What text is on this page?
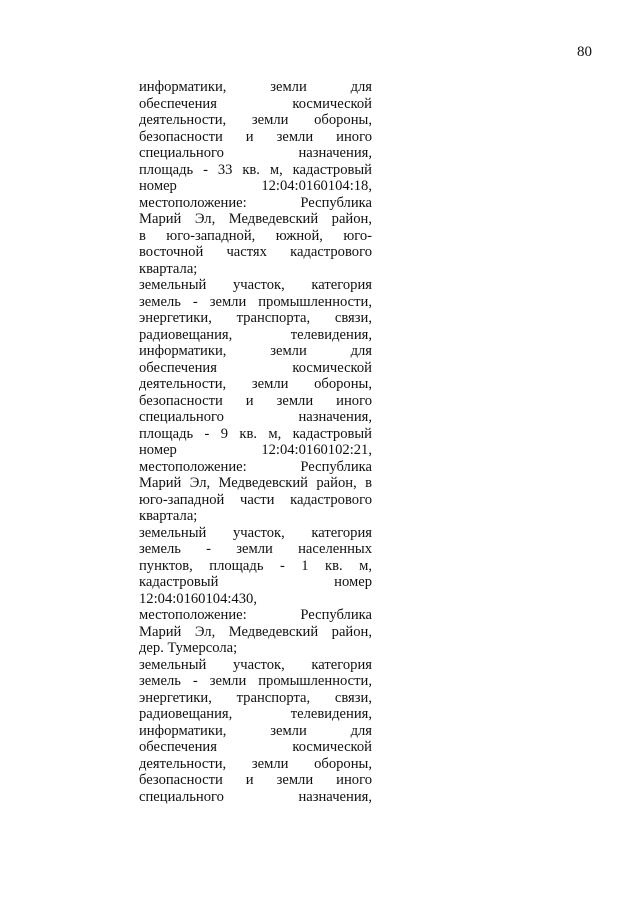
80
информатики, земли для
обеспечения космической
деятельности, земли обороны,
безопасности и земли иного
специального назначения,
площадь - 33 кв. м, кадастровый
номер 12:04:0160104:18,
местоположение: Республика
Марий Эл, Медведевский район,
в юго-западной, южной, юго-
восточной частях кадастрового
квартала;
земельный участок, категория
земель - земли промышленности,
энергетики, транспорта, связи,
радиовещания, телевидения,
информатики, земли для
обеспечения космической
деятельности, земли обороны,
безопасности и земли иного
специального назначения,
площадь - 9 кв. м, кадастровый
номер 12:04:0160102:21,
местоположение: Республика
Марий Эл, Медведевский район, в
юго-западной части кадастрового
квартала;
земельный участок, категория
земель - земли населенных
пунктов, площадь - 1 кв. м,
кадастровый номер
12:04:0160104:430,
местоположение: Республика
Марий Эл, Медведевский район,
дер. Тумерсола;
земельный участок, категория
земель - земли промышленности,
энергетики, транспорта, связи,
радиовещания, телевидения,
информатики, земли для
обеспечения космической
деятельности, земли обороны,
безопасности и земли иного
специального назначения,
